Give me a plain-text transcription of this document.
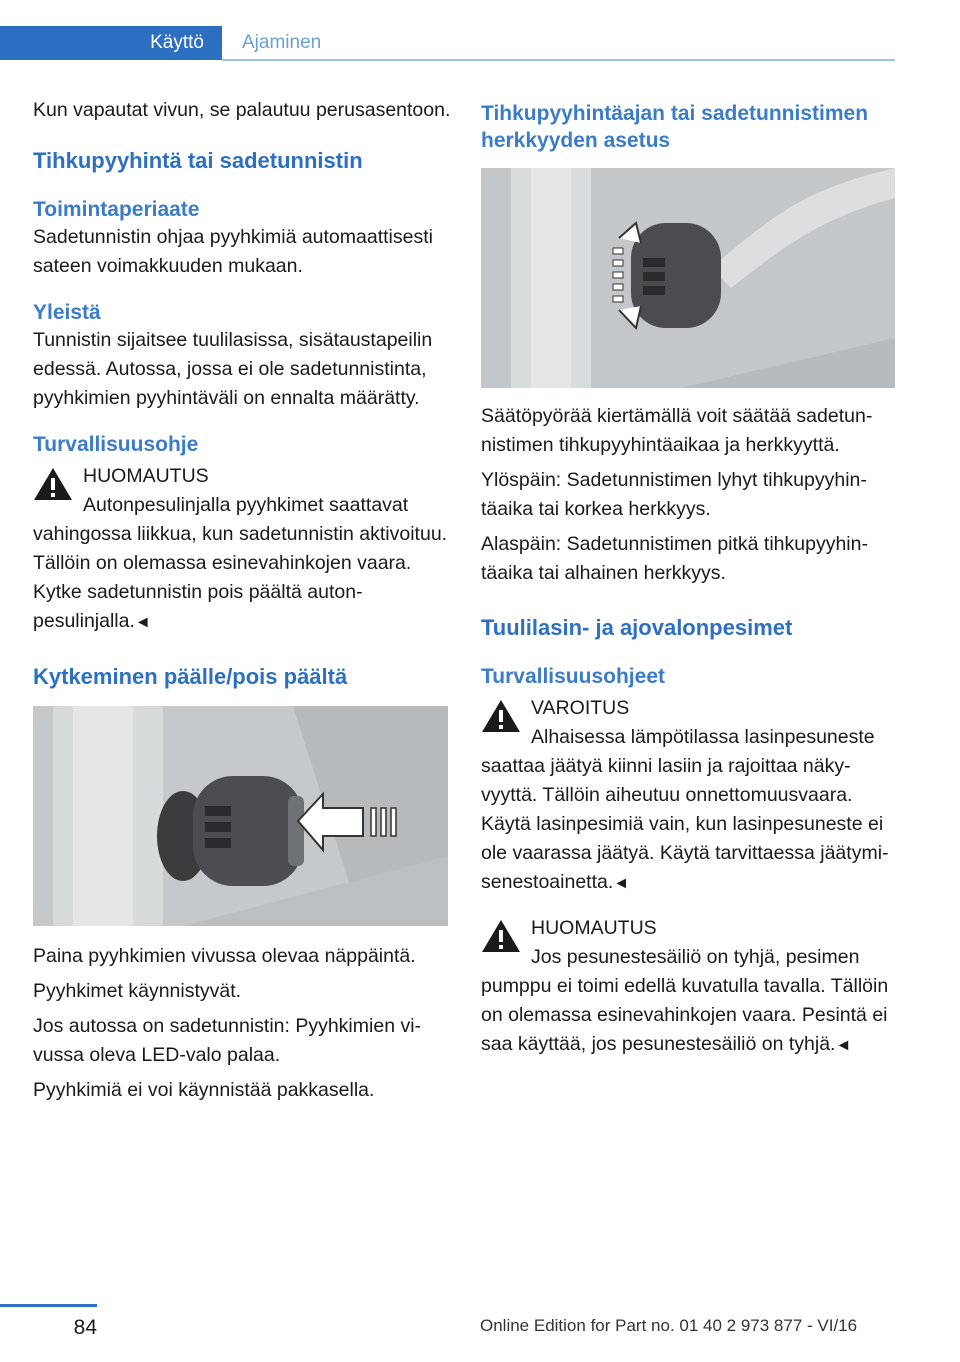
Käyttö	Ajaminen

Kun vapautat vivun, se palautuu perusasentoon.

Tihkupyyhintä tai sadetunnistin
Toimintaperiaate

Sadetunnistin ohjaa pyyhkimiä automaattisesti sateen voimakkuuden mukaan.

Yleistä

Tunnistin sijaitsee tuulilasissa, sisätaustapeilin edessä. Autossa, jossa ei ole sadetunnistinta, pyyhkimien pyyhintäväli on ennalta määrätty.

Turvallisuusohje
HUOMAUTUS
Autonpesulinjalla pyyhkimet saattavat
vahingossa liikkua, kun sadetunnistin aktivoituu. Tällöin on olemassa esinevahinkojen vaara. Kytke sadetunnistin pois päältä autonpesulinjalla.◄
Kytkeminen päälle/pois päältä

Paina pyyhkimien vivussa olevaa näppäintä.

Pyyhkimet käynnistyvät.

Jos autossa on sadetunnistin: Pyyhkimien vivussa oleva LED-valo palaa.

Pyyhkimiä ei voi käynnistää pakkasella.

Tihkupyyhintäajan tai sadetunnistimen herkkyyden asetus

Säätöpyörää kiertämällä voit säätää sadetunnistimen tihkupyyhintäaikaa ja herkkyyttä.

Ylöspäin: Sadetunnistimen lyhyt tihkupyyhintäaika tai korkea herkkyys.

Alaspäin: Sadetunnistimen pitkä tihkupyyhintäaika tai alhainen herkkyys.

Tuulilasin- ja ajovalonpesimet
Turvallisuusohjeet
VAROITUS
Alhaisessa lämpötilassa lasinpesuneste
saattaa jäätyä kiinni lasiin ja rajoittaa näkyvyyttä. Tällöin aiheutuu onnettomuusvaara. Käytä lasinpesimiä vain, kun lasinpesuneste ei ole vaarassa jäätyä. Käytä tarvittaessa jäätymisenestoainetta.◄
HUOMAUTUS
Jos pesunestesäiliö on tyhjä, pesimen
pumppu ei toimi edellä kuvatulla tavalla. Tällöin on olemassa esinevahinkojen vaara. Pesintä ei saa käyttää, jos pesunestesäiliö on tyhjä.◄
84	Online Edition for Part no. 01 40 2 973 877 - VI/16
